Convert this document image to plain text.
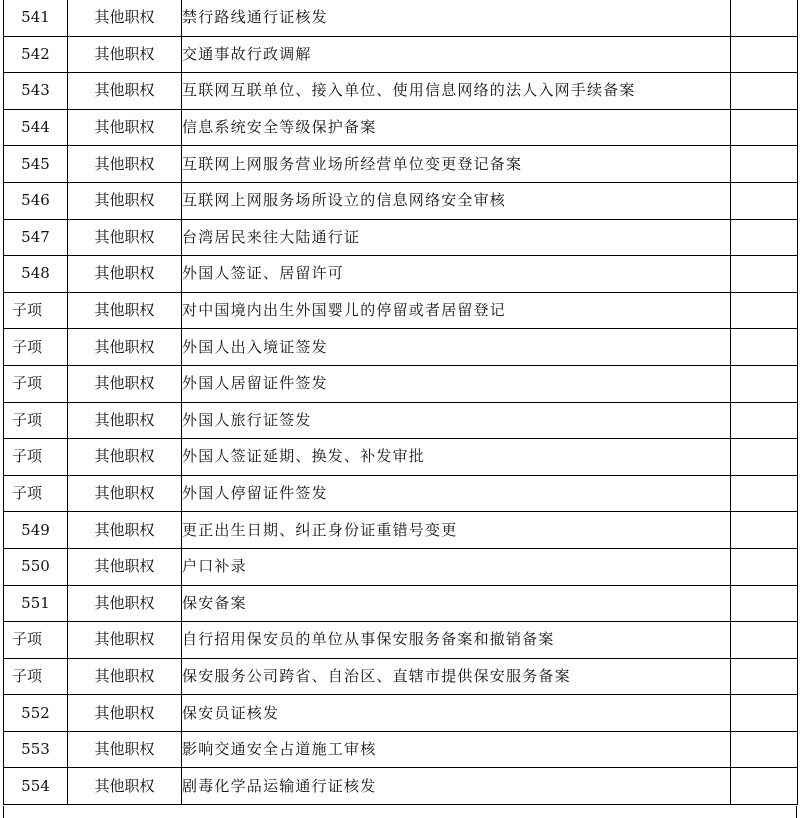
541	其他职权	禁行路线通行证核发	
542	其他职权	交通事故行政调解	
543	其他职权	互联网互联单位、接入单位、使用信息网络的法人入网手续备案	
544	其他职权	信息系统安全等级保护备案	
545	其他职权	互联网上网服务营业场所经营单位变更登记备案	
546	其他职权	互联网上网服务场所设立的信息网络安全审核	
547	其他职权	台湾居民来往大陆通行证	
548	其他职权	外国人签证、居留许可	
子项	其他职权	对中国境内出生外国婴儿的停留或者居留登记	
子项	其他职权	外国人出入境证签发	
子项	其他职权	外国人居留证件签发	
子项	其他职权	外国人旅行证签发	
子项	其他职权	外国人签证延期、换发、补发审批	
子项	其他职权	外国人停留证件签发	
549	其他职权	更正出生日期、纠正身份证重错号变更	
550	其他职权	户口补录	
551	其他职权	保安备案	
子项	其他职权	自行招用保安员的单位从事保安服务备案和撤销备案	
子项	其他职权	保安服务公司跨省、自治区、直辖市提供保安服务备案	
552	其他职权	保安员证核发	
553	其他职权	影响交通安全占道施工审核	
554	其他职权	剧毒化学品运输通行证核发	
